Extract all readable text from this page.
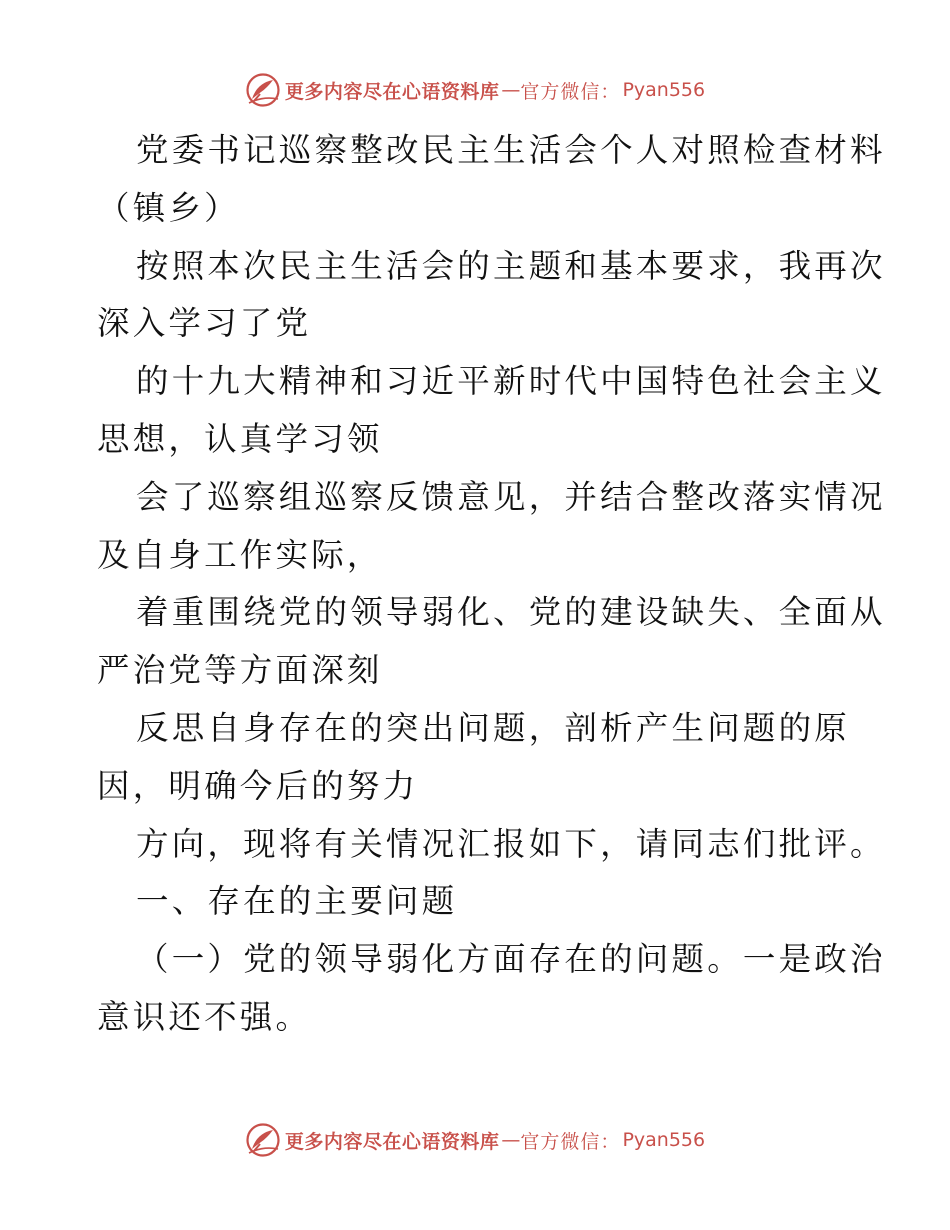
更多内容尽在心语资料库 — 官方微信： Pyan556
党委书记巡察整改民主生活会个人对照检查材料
（镇乡）
按照本次民主生活会的主题和基本要求，我再次
深入学习了党
的十九大精神和习近平新时代中国特色社会主义
思想，认真学习领
会了巡察组巡察反馈意见，并结合整改落实情况
及自身工作实际，
着重围绕党的领导弱化、党的建设缺失、全面从
严治党等方面深刻
反思自身存在的突出问题，剖析产生问题的原
因，明确今后的努力
方向，现将有关情况汇报如下，请同志们批评。
一、存在的主要问题
（一）党的领导弱化方面存在的问题。一是政治
意识还不强。
更多内容尽在心语资料库 — 官方微信： Pyan556
